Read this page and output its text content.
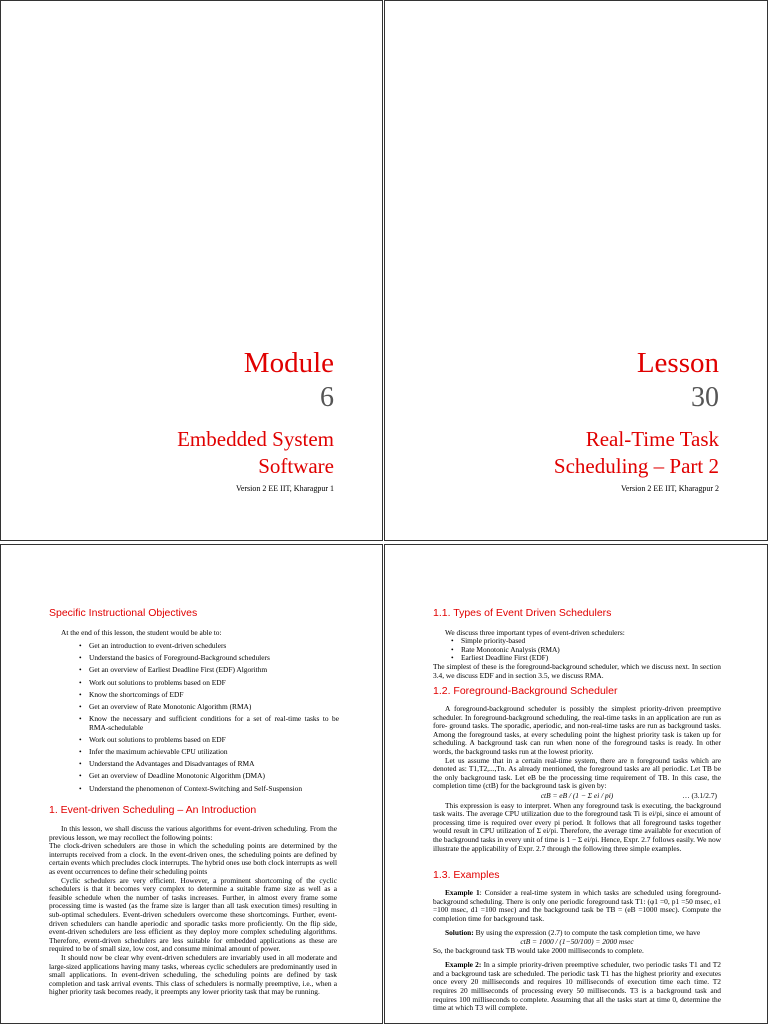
Module
6
Embedded System
Software
Version 2 EE IIT, Kharagpur 1
Lesson
30
Real-Time Task
Scheduling – Part 2
Version 2 EE IIT, Kharagpur 2
Specific Instructional Objectives
At the end of this lesson, the student would be able to:
• Get an introduction to event-driven schedulers
• Understand the basics of Foreground-Background schedulers
• Get an overview of Earliest Deadline First (EDF) Algorithm
• Work out solutions to problems based on EDF
• Know the shortcomings of EDF
• Get an overview of Rate Monotonic Algorithm (RMA)
• Know the necessary and sufficient conditions for a set of real-time tasks to be RMA-schedulable
• Work out solutions to problems based on EDF
• Infer the maximum achievable CPU utilization
• Understand the Advantages and Disadvantages of RMA
• Get an overview of Deadline Monotonic Algorithm (DMA)
• Understand the phenomenon of Context-Switching and Self-Suspension
1. Event-driven Scheduling – An Introduction

In this lesson, we shall discuss the various algorithms for event-driven scheduling. From the previous lesson, we may recollect the following points:

The clock-driven schedulers are those in which the scheduling points are determined by the interrupts received from a clock. In the event-driven ones, the scheduling points are defined by certain events which precludes clock interrupts. The hybrid ones use both clock interrupts as well as event occurrences to define their scheduling points

Cyclic schedulers are very efficient. However, a prominent shortcoming of the cyclic schedulers is that it becomes very complex to determine a suitable frame size as well as a feasible schedule when the number of tasks increases. Further, in almost every frame some processing time is wasted (as the frame size is larger than all task execution times) resulting in sub-optimal schedulers. Event-driven schedulers overcome these shortcomings. Further, event-driven schedulers can handle aperiodic and sporadic tasks more proficiently. On the flip side, event-driven schedulers are less efficient as they deploy more complex scheduling algorithms. Therefore, event-driven schedulers are less suitable for embedded applications as these are required to be of small size, low cost, and consume minimal amount of power.

It should now be clear why event-driven schedulers are invariably used in all moderate and large-sized applications having many tasks, whereas cyclic schedulers are predominantly used in small applications. In event-driven scheduling, the scheduling points are defined by task completion and task arrival events. This class of schedulers is normally preemptive, i.e., when a higher priority task becomes ready, it preempts any lower priority task that may be running.

1.1. Types of Event Driven Schedulers
We discuss three important types of event-driven schedulers:
• Simple priority-based
• Rate Monotonic Analysis (RMA)
• Earliest Deadline First (EDF)
The simplest of these is the foreground-background scheduler, which we discuss next. In section 3.4, we discuss EDF and in section 3.5, we discuss RMA.
1.2. Foreground-Background Scheduler

A foreground-background scheduler is possibly the simplest priority-driven preemptive scheduler. In foreground-background scheduling, the real-time tasks in an application are run as fore- ground tasks. The sporadic, aperiodic, and non-real-time tasks are run as background tasks. Among the foreground tasks, at every scheduling point the highest priority task is taken up for scheduling. A background task can run when none of the foreground tasks is ready. In other words, the background tasks run at the lowest priority.

Let us assume that in a certain real-time system, there are n foreground tasks which are denoted as: T1,T2,...,Tn. As already mentioned, the foreground tasks are all periodic. Let TB be the only background task. Let eB be the processing time requirement of TB. In this case, the completion time (ctB) for the background task is given by:

ctB = eB / (1 − Σ ei / pi)	… (3.1/2.7)

This expression is easy to interpret. When any foreground task is executing, the background task waits. The average CPU utilization due to the foreground task Ti is ei/pi, since ei amount of processing time is required over every pi period. It follows that all foreground tasks together would result in CPU utilization of Σ ei/pi. Therefore, the average time available for execution of the background tasks in every unit of time is 1 − Σ ei/pi. Hence, Expr. 2.7 follows easily. We now illustrate the applicability of Expr. 2.7 through the following three simple examples.

1.3. Examples

Example 1: Consider a real-time system in which tasks are scheduled using foreground-background scheduling. There is only one periodic foreground task T1: (φ1 =0, p1 =50 msec, e1 =100 msec, d1 =100 msec) and the background task be TB = (eB =1000 msec). Compute the completion time for background task.

Solution: By using the expression (2.7) to compute the task completion time, we have

ctB = 1000 / (1−50/100) = 2000 msec

So, the background task TB would take 2000 milliseconds to complete.

Example 2: In a simple priority-driven preemptive scheduler, two periodic tasks T1 and T2 and a background task are scheduled. The periodic task T1 has the highest priority and executes once every 20 milliseconds and requires 10 milliseconds of execution time each time. T2 requires 20 milliseconds of processing every 50 milliseconds. T3 is a background task and requires 100 milliseconds to complete. Assuming that all the tasks start at time 0, determine the time at which T3 will complete.
